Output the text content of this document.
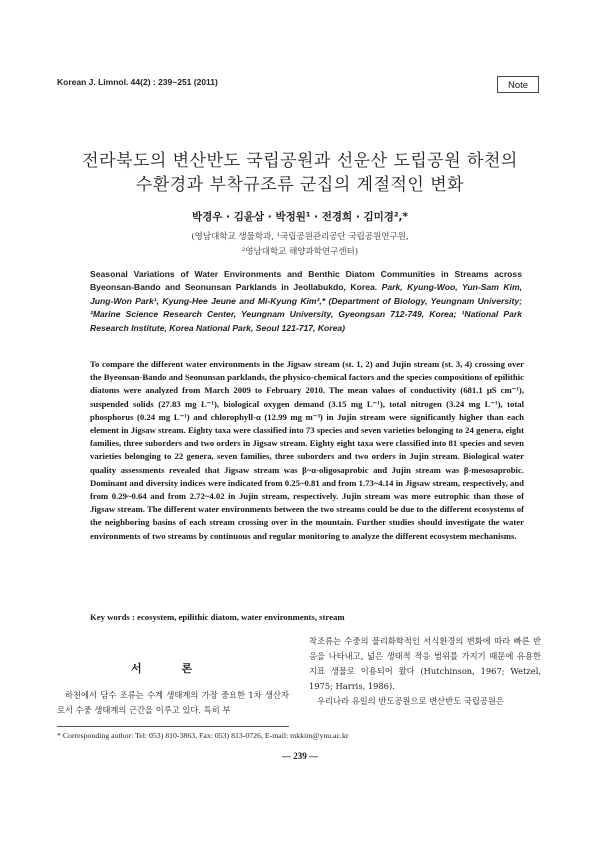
Korean J. Limnol. 44(2) : 239~251 (2011)	Note
전라북도의 변산반도 국립공원과 선운산 도립공원 하천의
수환경과 부착규조류 군집의 계절적인 변화
박경우 · 김윤삼 · 박정원¹ · 전경희 · 김미경²,*
(영남대학교 생물학과, ¹국립공원관리공단 국립공원연구원,
²영남대학교 해양과학연구센터)
Seasonal Variations of Water Environments and Benthic Diatom Communities in Streams across Byeonsan-Bando and Seonunsan Parklands in Jeollabukdo, Korea. Park, Kyung-Woo, Yun-Sam Kim, Jung-Won Park¹, Kyung-Hee Jeune and Mi-Kyung Kim²,* (Department of Biology, Yeungnam University; ²Marine Science Research Center, Yeungnam University, Gyeongsan 712-749, Korea; ¹National Park Research Institute, Korea National Park, Seoul 121-717, Korea)

To compare the different water environments in the Jigsaw stream (st. 1, 2) and Jujin stream (st. 3, 4) crossing over the Byeonsan-Bando and Seonunsan parklands, the physico-chemical factors and the species compositions of epilithic diatoms were analyzed from March 2009 to February 2010. The mean values of conductivity (681.1 μS cm⁻¹), suspended solids (27.83 mg L⁻¹), biological oxygen demand (3.15 mg L⁻¹), total nitrogen (3.24 mg L⁻¹), total phosphorus (0.24 mg L⁻¹) and chlorophyll-α (12.99 mg m⁻³) in Jujin stream were significantly higher than each element in Jigsaw stream. Eighty taxa were classified into 73 species and seven varieties belonging to 24 genera, eight families, three suborders and two orders in Jigsaw stream. Eighty eight taxa were classified into 81 species and seven varieties belonging to 22 genera, seven families, three suborders and two orders in Jujin stream. Biological water quality assessments revealed that Jigsaw stream was β~α-oligosaprobic and Jujin stream was β-mesosaprobic. Dominant and diversity indices were indicated from 0.25~0.81 and from 1.73~4.14 in Jigsaw stream, respectively, and from 0.29~0.64 and from 2.72~4.02 in Jujin stream, respectively. Jujin stream was more eutrophic than those of Jigsaw stream. The different water environments between the two streams could be due to the different ecosystems of the neighboring basins of each stream crossing over in the mountain. Further studies should investigate the water environments of two streams by continuous and regular monitoring to analyze the different ecosystem mechanisms.

Key words : ecosystem, epilithic diatom, water environments, stream
서 론

하천에서 담수 조류는 수계 생태계의 가장 중요한 1차 생산자로서 수중 생태계의 근간을 이루고 있다. 특히 부

착조류는 수중의 물리화학적인 서식환경의 변화에 따라 빠른 반응을 나타내고, 넓은 생태적 적응 범위를 가지기 때문에 유용한 지표 생물로 이용되어 왔다 (Hutchinson, 1967; Wetzel, 1975; Harris, 1986).

우리나라 유일의 반도공원으로 변산반도 국립공원은

* Corresponding author: Tel: 053) 810-3863, Fax: 053) 813-0726, E-mail: mkkim@ynu.ac.kr
— 239 —
